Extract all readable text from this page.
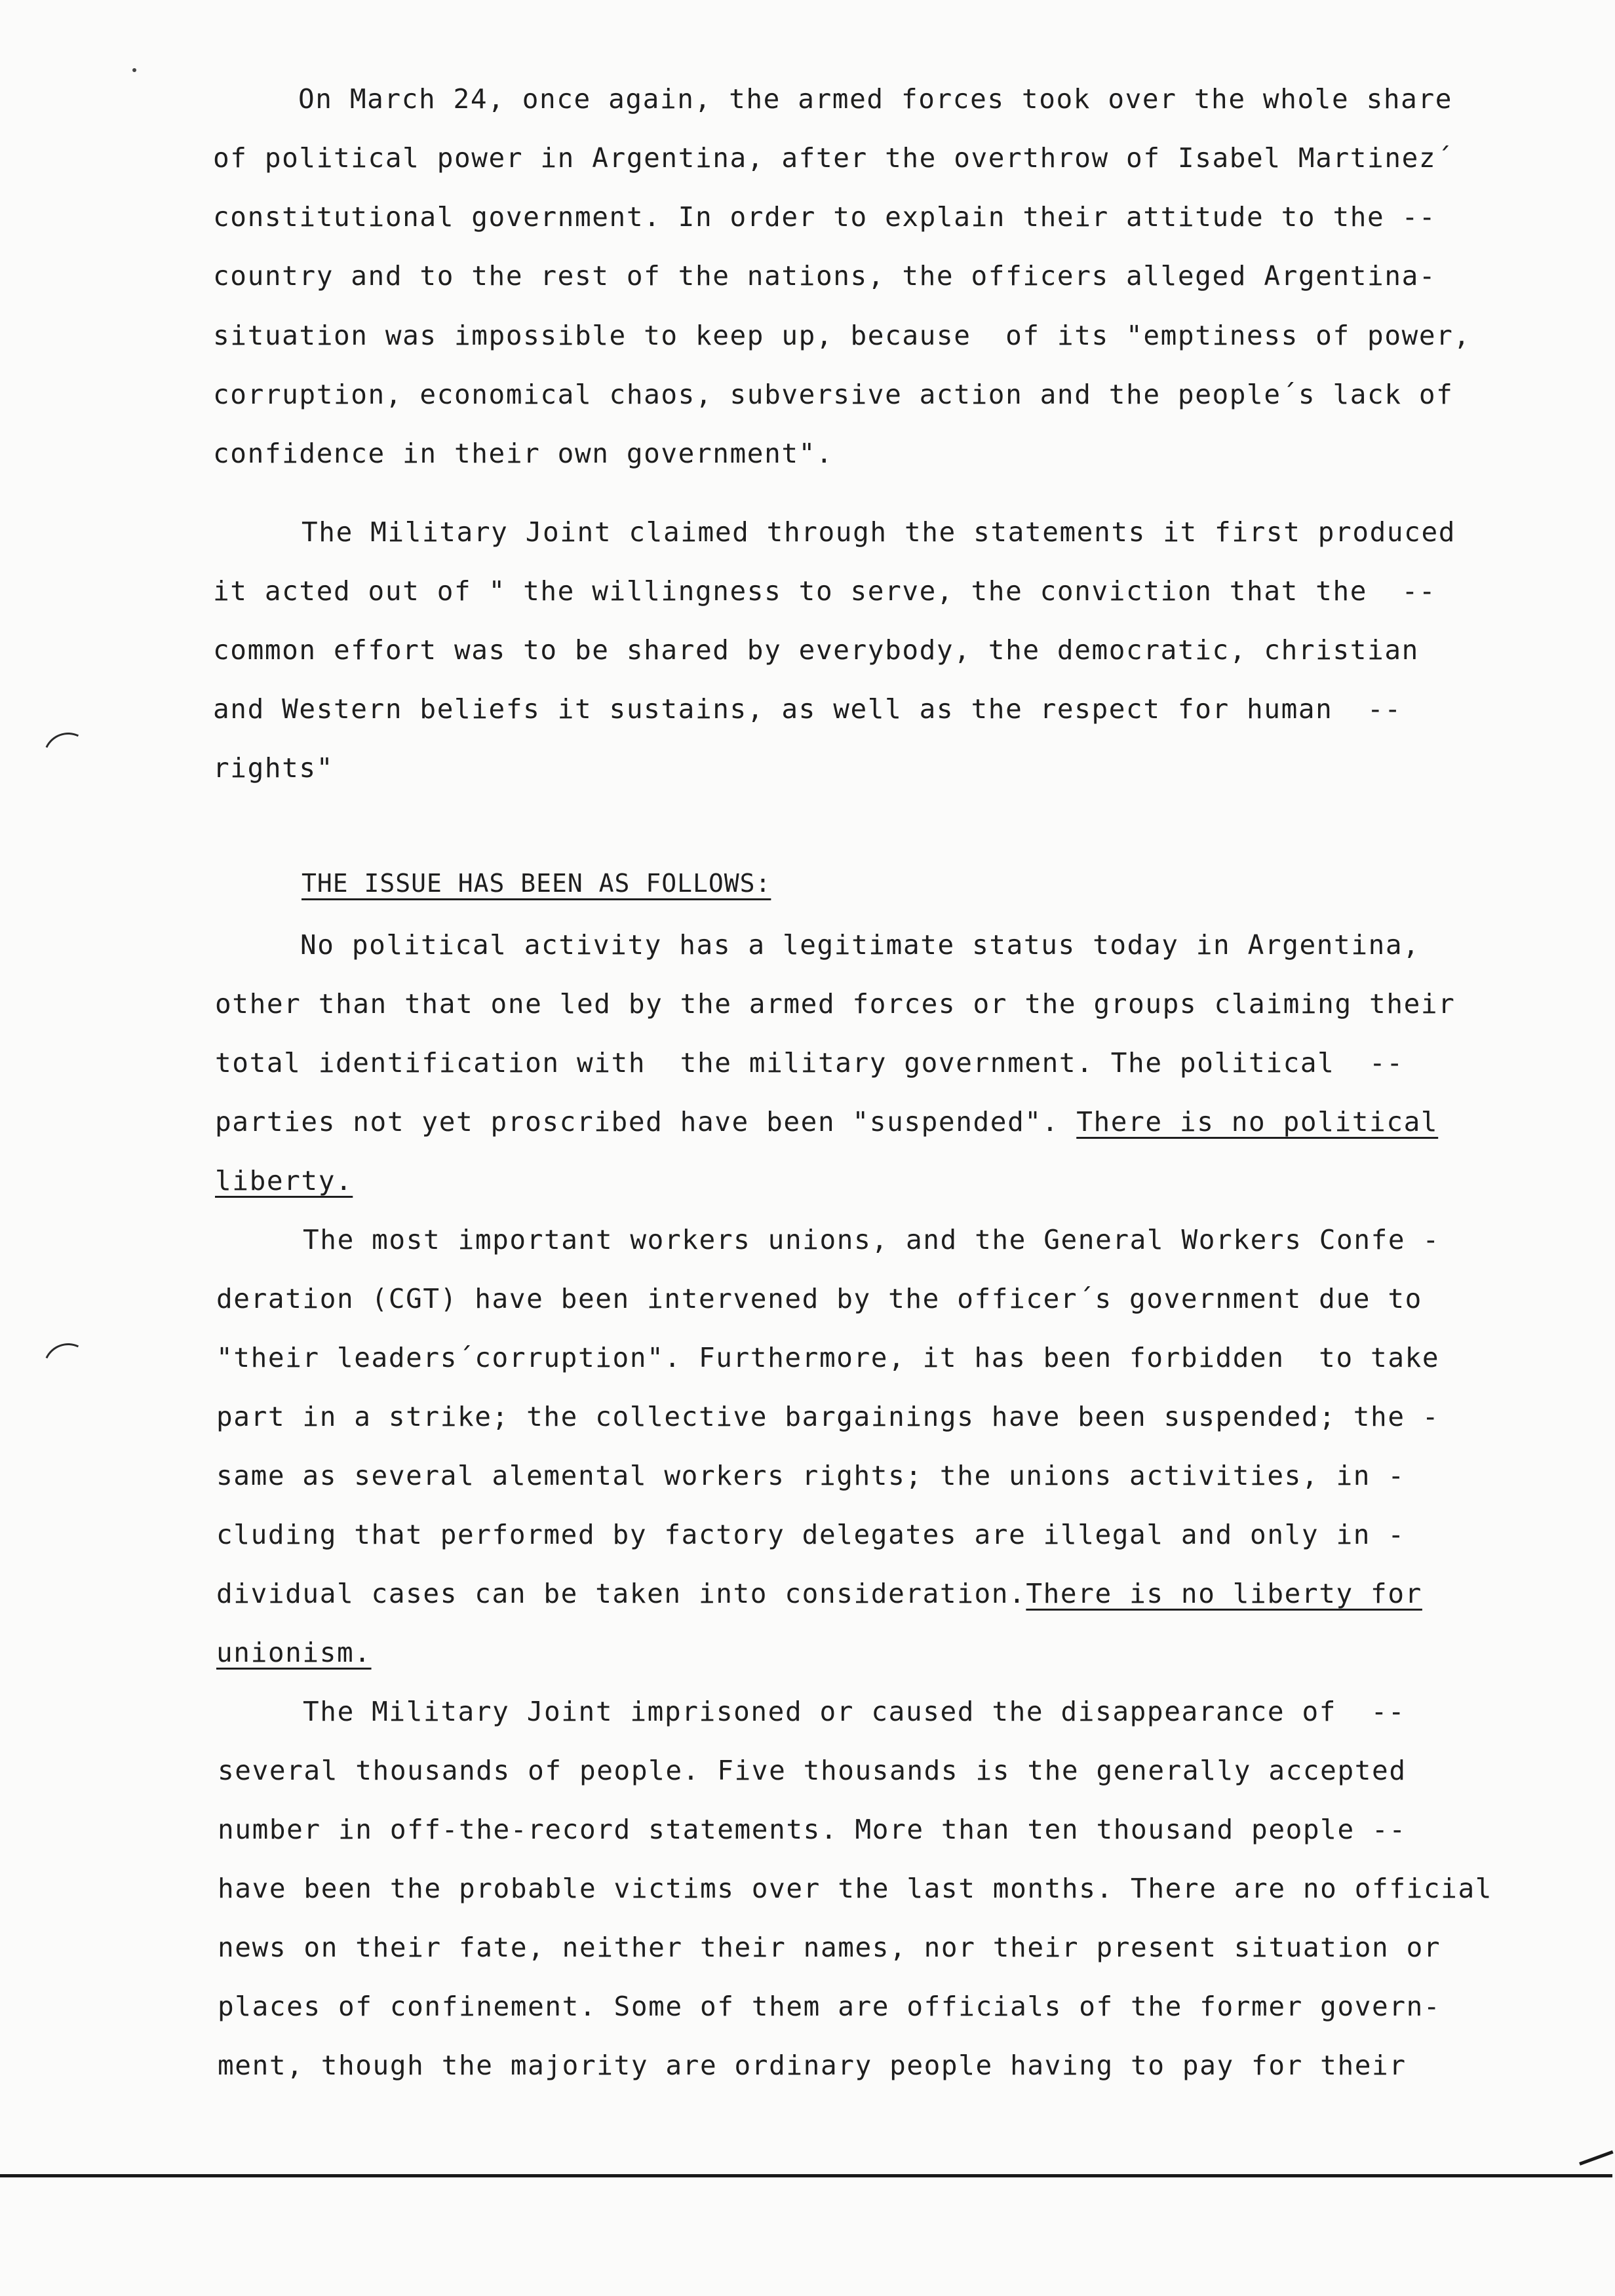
On March 24, once again, the armed forces took over the whole share
of political power in Argentina, after the overthrow of Isabel Martinez´
constitutional government. In order to explain their attitude to the --
country and to the rest of the nations, the officers alleged Argentina-
situation was impossible to keep up, because  of its "emptiness of power,
corruption, economical chaos, subversive action and the people´s lack of
confidence in their own government".
The Military Joint claimed through the statements it first produced
it acted out of " the willingness to serve, the conviction that the  --
common effort was to be shared by everybody, the democratic, christian
and Western beliefs it sustains, as well as the respect for human  --
rights"
THE ISSUE HAS BEEN AS FOLLOWS:
No political activity has a legitimate status today in Argentina,
other than that one led by the armed forces or the groups claiming their
total identification with  the military government. The political  --
parties not yet proscribed have been "suspended". There is no political
liberty.
The most important workers unions, and the General Workers Confe -
deration (CGT) have been intervened by the officer´s government due to
"their leaders´corruption". Furthermore, it has been forbidden  to take
part in a strike; the collective bargainings have been suspended; the -
same as several alemental workers rights; the unions activities, in -
cluding that performed by factory delegates are illegal and only in -
dividual cases can be taken into consideration.There is no liberty for
unionism.
The Military Joint imprisoned or caused the disappearance of  --
several thousands of people. Five thousands is the generally accepted
number in off-the-record statements. More than ten thousand people --
have been the probable victims over the last months. There are no official
news on their fate, neither their names, nor their present situation or
places of confinement. Some of them are officials of the former govern-
ment, though the majority are ordinary people having to pay for their
